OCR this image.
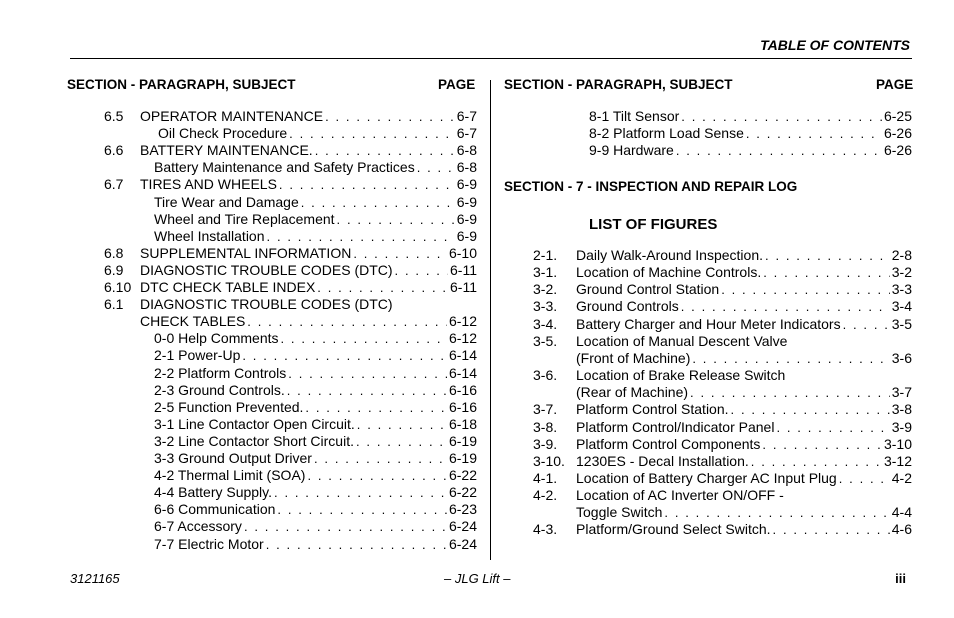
TABLE OF CONTENTS
SECTION - PARAGRAPH, SUBJECT	PAGE SECTION - PARAGRAPH, SUBJECT	PAGE
6.5 OPERATOR MAINTENANCE . . .	6-7
Oil Check Procedure . . .	6-7
6.6 BATTERY MAINTENANCE. . . .	6-8
Battery Maintenance and Safety Practices . . .	6-8
6.7 TIRES AND WHEELS . . .	6-9
Tire Wear and Damage . . .	6-9
Wheel and Tire Replacement . . .	6-9
Wheel Installation . . .	6-9
6.8 SUPPLEMENTAL INFORMATION . . .	6-10
6.9 DIAGNOSTIC TROUBLE CODES (DTC) . . .	6-11
6.10 DTC CHECK TABLE INDEX . . .	6-11
6.1 DIAGNOSTIC TROUBLE CODES (DTC)
CHECK TABLES . . .	6-12
0-0 Help Comments . . .	6-12
2-1 Power-Up . . .	6-14
2-2 Platform Controls . . .	6-14
2-3 Ground Controls. . . .	6-16
2-5 Function Prevented. . . .	6-16
3-1 Line Contactor Open Circuit. . . .	6-18
3-2 Line Contactor Short Circuit. . . .	6-19
3-3 Ground Output Driver . . .	6-19
4-2 Thermal Limit (SOA) . . .	6-22
4-4 Battery Supply. . . .	6-22
6-6 Communication . . .	6-23
6-7 Accessory . . .	6-24
7-7 Electric Motor . . .	6-24
8-1 Tilt Sensor . . .	6-25
8-2 Platform Load Sense . . .	6-26
9-9 Hardware . . .	6-26
SECTION - 7 - INSPECTION AND REPAIR LOG
LIST OF FIGURES
2-1. Daily Walk-Around Inspection. . . .	2-8
3-1. Location of Machine Controls. . . .	3-2
3-2. Ground Control Station . . .	3-3
3-3. Ground Controls . . .	3-4
3-4. Battery Charger and Hour Meter Indicators . . .	3-5
3-5. Location of Manual Descent Valve
(Front of Machine) . . .	3-6
3-6. Location of Brake Release Switch
(Rear of Machine) . . .	3-7
3-7. Platform Control Station. . . .	3-8
3-8. Platform Control/Indicator Panel . . .	3-9
3-9. Platform Control Components . . .	3-10
3-10. 1230ES - Decal Installation. . . .	3-12
4-1. Location of Battery Charger AC Input Plug . . .	4-2
4-2. Location of AC Inverter ON/OFF -
Toggle Switch . . .	4-4
4-3. Platform/Ground Select Switch. . . .	4-6
3121165	– JLG Lift –	iii
